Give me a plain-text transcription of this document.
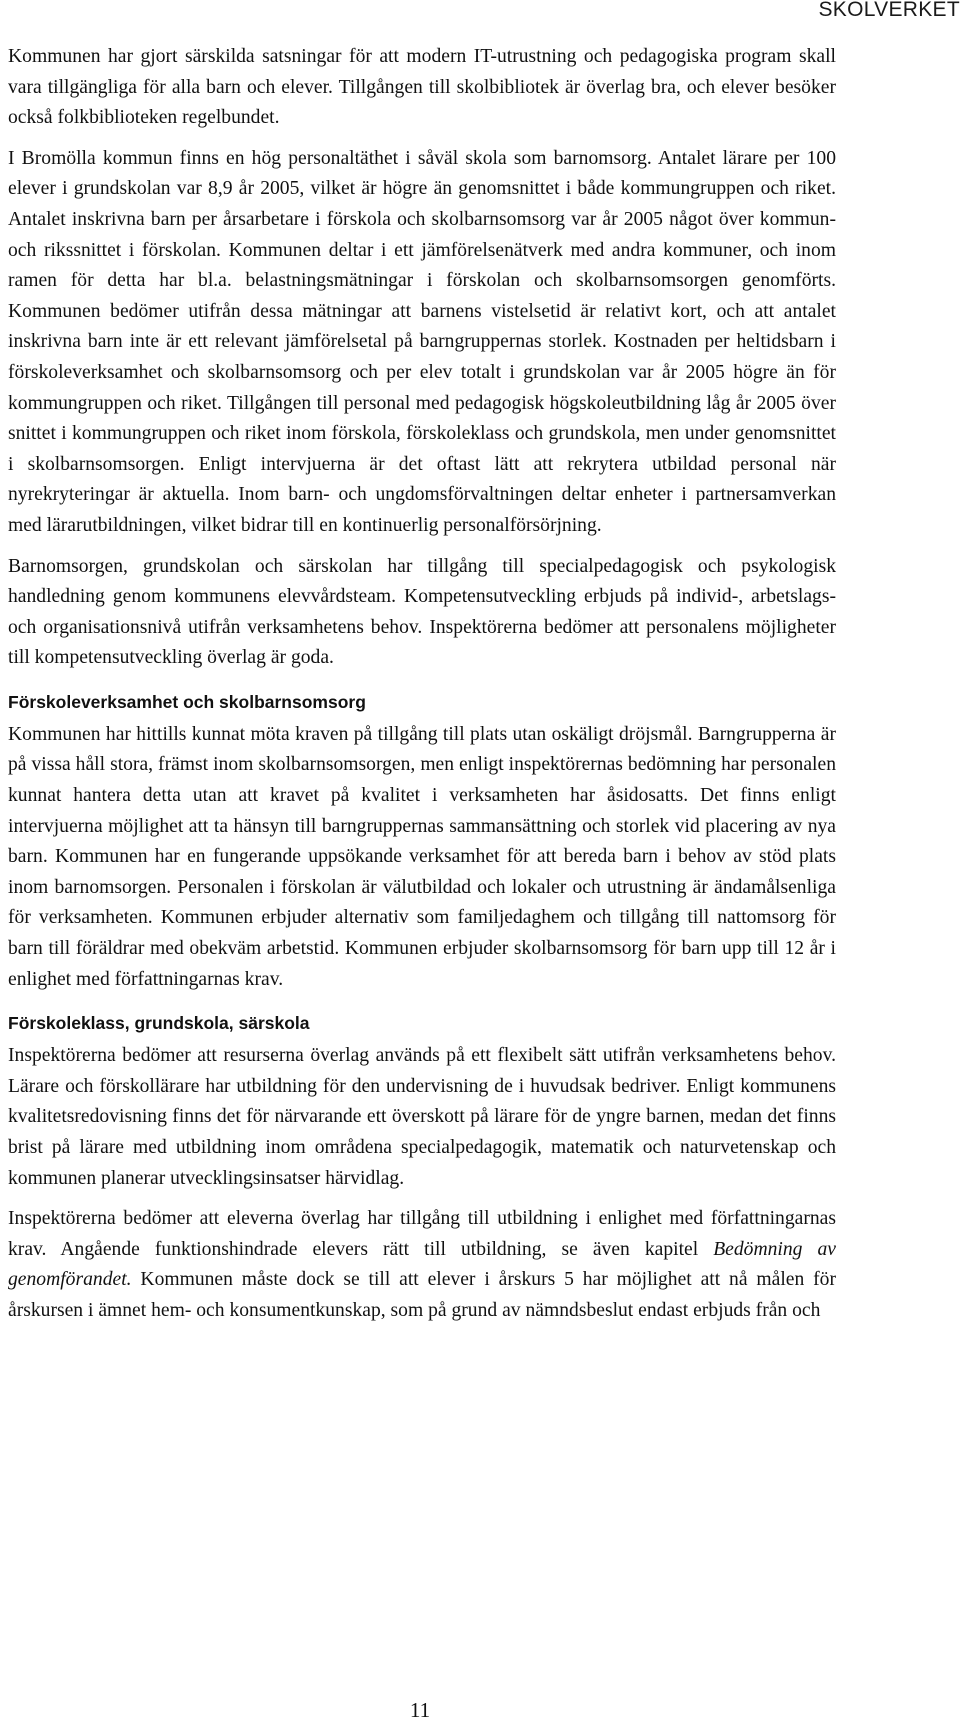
SKOLVERKET

Kommunen har gjort särskilda satsningar för att modern IT-utrustning och pedagogiska program skall vara tillgängliga för alla barn och elever. Tillgången till skolbibliotek är överlag bra, och elever besöker också folkbiblioteken regelbundet.

I Bromölla kommun finns en hög personaltäthet i såväl skola som barnomsorg. Antalet lärare per 100 elever i grundskolan var 8,9 år 2005, vilket är högre än genomsnittet i både kommungruppen och riket. Antalet inskrivna barn per årsarbetare i förskola och skolbarnsomsorg var år 2005 något över kommun- och rikssnittet i förskolan. Kommunen deltar i ett jämförelsenätverk med andra kommuner, och inom ramen för detta har bl.a. belastningsmätningar i förskolan och skolbarnsomsorgen genomförts. Kommunen bedömer utifrån dessa mätningar att barnens vistelsetid är relativt kort, och att antalet inskrivna barn inte är ett relevant jämförelsetal på barngruppernas storlek. Kostnaden per heltidsbarn i förskoleverksamhet och skolbarnsomsorg och per elev totalt i grundskolan var år 2005 högre än för kommungruppen och riket. Tillgången till personal med pedagogisk högskoleutbildning låg år 2005 över snittet i kommungruppen och riket inom förskola, förskoleklass och grundskola, men under genomsnittet i skolbarnsomsorgen. Enligt intervjuerna är det oftast lätt att rekrytera utbildad personal när nyrekryteringar är aktuella. Inom barn- och ungdomsförvaltningen deltar enheter i partnersamverkan med lärarutbildningen, vilket bidrar till en kontinuerlig personalförsörjning.

Barnomsorgen, grundskolan och särskolan har tillgång till specialpedagogisk och psykologisk handledning genom kommunens elevvårdsteam. Kompetensutveckling erbjuds på individ-, arbetslags- och organisationsnivå utifrån verksamhetens behov. Inspektörerna bedömer att personalens möjligheter till kompetensutveckling överlag är goda.

Förskoleverksamhet och skolbarnsomsorg

Kommunen har hittills kunnat möta kraven på tillgång till plats utan oskäligt dröjsmål. Barngrupperna är på vissa håll stora, främst inom skolbarnsomsorgen, men enligt inspektörernas bedömning har personalen kunnat hantera detta utan att kravet på kvalitet i verksamheten har åsidosatts. Det finns enligt intervjuerna möjlighet att ta hänsyn till barngruppernas sammansättning och storlek vid placering av nya barn. Kommunen har en fungerande uppsökande verksamhet för att bereda barn i behov av stöd plats inom barnomsorgen. Personalen i förskolan är välutbildad och lokaler och utrustning är ändamålsenliga för verksamheten. Kommunen erbjuder alternativ som familjedaghem och tillgång till nattomsorg för barn till föräldrar med obekväm arbetstid. Kommunen erbjuder skolbarnsomsorg för barn upp till 12 år i enlighet med författningarnas krav.

Förskoleklass, grundskola, särskola

Inspektörerna bedömer att resurserna överlag används på ett flexibelt sätt utifrån verksamhetens behov. Lärare och förskollärare har utbildning för den undervisning de i huvudsak bedriver. Enligt kommunens kvalitetsredovisning finns det för närvarande ett överskott på lärare för de yngre barnen, medan det finns brist på lärare med utbildning inom områdena specialpedagogik, matematik och naturvetenskap och kommunen planerar utvecklingsinsatser härvidlag.

Inspektörerna bedömer att eleverna överlag har tillgång till utbildning i enlighet med författningarnas krav. Angående funktionshindrade elevers rätt till utbildning, se även kapitel Bedömning av genomförandet. Kommunen måste dock se till att elever i årskurs 5 har möjlighet att nå målen för årskursen i ämnet hem- och konsumentkunskap, som på grund av nämndsbeslut endast erbjuds från och

11
